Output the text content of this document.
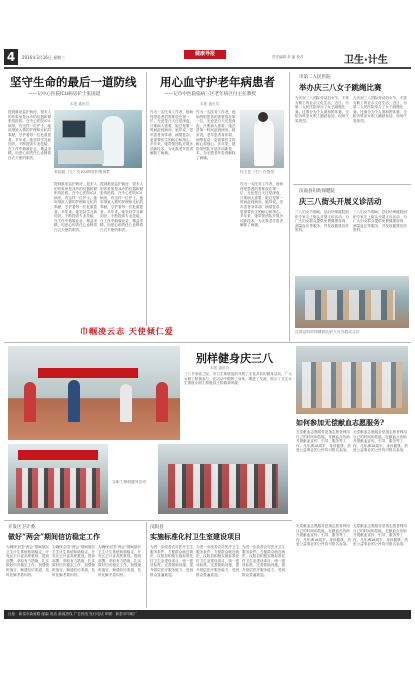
4	2016年3月16日 星期三
健康导报	责任编辑 美 编 校对	卫生·计生
坚守生命的最后一道防线
——记中心医院ICU病房护士张国超
本报 通讯员
提到重症监护病房，很多人的印象里是冰冷的仪器和紧张的抢救。在中心医院ICU病房，有这样一位护士，她用细致入微的护理和无私的奉献，守护着每一位危重患者。多年来，她坚持学习新知识，不断提高专业技能，在工作中兢兢业业，精益求精，用爱心和责任心诠释着白衣天使的职责。
提到重症监护病房，很多人的印象里是冰冷的仪器和紧张的抢救。在中心医院ICU病房，有这样一位护士，她用细致入微的护理和无私的奉献，守护着每一位危重患者。多年来，她坚持学习新知识，不断提高专业技能，在工作中兢兢业业，精益求精，用爱心和责任心诠释着白衣天使的职责。
提到重症监护病房，很多人的印象里是冰冷的仪器和紧张的抢救。在中心医院ICU病房，有这样一位护士，她用细致入微的护理和无私的奉献，守护着每一位危重患者。多年来，她坚持学习新知识，不断提高专业技能，在工作中兢兢业业，精益求精，用爱心和责任心诠释着白衣天使的职责。
张国超（左）在ICU病房护理患者
用心血守护老年病患者
——记市中医院临病三区老年病区付主任教授
本报 通讯员
作为一名医务工作者，她始终把患者的需要放在第一位，无论是白天还是深夜，只要病人需要，她总是第一时间赶到病房。她常说，老年患者身体弱、病情复杂，更需要医生的耐心和细心。多年来，她带领团队开展多项新技术，为无数老年患者解除了病痛。
作为一名医务工作者，她始终把患者的需要放在第一位，无论是白天还是深夜，只要病人需要，她总是第一时间赶到病房。她常说，老年患者身体弱、病情复杂，更需要医生的耐心和细心。多年来，她带领团队开展多项新技术，为无数老年患者解除了病痛。
作为一名医务工作者，她始终把患者的需要放在第一位，无论是白天还是深夜，只要病人需要，她总是第一时间赶到病房。她常说，老年患者身体弱、病情复杂，更需要医生的耐心和细心。多年来，她带领团队开展多项新技术，为无数老年患者解除了病痛。
付主任（右）在查房
巾帼凌云志 天使倾仁爱
市第二人民医院
举办庆三八女子跳绳比赛
为庆祝三八国际劳动妇女节，丰富女职工的业余文化生活，近日，市第二人民医院举办了女子跳绳比赛。比赛分为个人赛和团体赛，全院各科室女职工踊跃参加，现场气氛热烈。
为庆祝三八国际劳动妇女节，丰富女职工的业余文化生活，近日，市第二人民医院举办了女子跳绳比赛。比赛分为个人赛和团体赛，全院各科室女职工踊跃参加，现场气氛热烈。
汶南县妇幼保健院
庆三八街头开展义诊活动
三八妇女节期间，县妇幼保健院组织专家走上街头开展义诊活动，为广大妇女群众提供免费健康咨询、测量血压等服务，并发放健康宣传资料。
三八妇女节期间，县妇幼保健院组织专家走上街头开展义诊活动，为广大妇女群众提供免费健康咨询、测量血压等服务，并发放健康宣传资料。
汶南县妇幼保健院医护人员为群众义诊
别样健身庆三八
本报 通讯员
三八节来临之际，市卫生系统组织开展了丰富多彩的健身活动，广大女职工积极参与，在活动中锻炼了身体，增进了交流，展示了卫生计生系统女职工积极向上的精神风貌。
女职工参加健身活动
如何参加无偿献血志愿服务?
无偿献血志愿服务是指志愿者利用自己的时间和技能，在献血点协助开展献血宣传、引导、服务等工作。凡年满18周岁、身体健康、热爱公益事业的公民均可报名参加。
无偿献血志愿服务是指志愿者利用自己的时间和技能，在献血点协助开展献血宣传、引导、服务等工作。凡年满18周岁、身体健康、热爱公益事业的公民均可报名参加。
开发区卫计委
做好“两会”期间信访稳定工作
为确保全国“两会”期间辖区卫生计生系统和谐稳定，开发区卫计委高度重视，提前部署，采取有力措施，扎实做好信访稳定工作，加强值班值守，畅通信访渠道，及时化解矛盾纠纷。
为确保全国“两会”期间辖区卫生计生系统和谐稳定，开发区卫计委高度重视，提前部署，采取有力措施，扎实做好信访稳定工作，加强值班值守，畅通信访渠道，及时化解矛盾纠纷。
为确保全国“两会”期间辖区卫生计生系统和谐稳定，开发区卫计委高度重视，提前部署，采取有力措施，扎实做好信访稳定工作，加强值班值守，畅通信访渠道，及时化解矛盾纠纷。
汶阳县
实施标准化村卫生室建设项目
为进一步改善农村医疗卫生服务条件，方便群众就近就医，汶阳县积极实施标准化村卫生室建设项目，统一建设标准，完善基础设施，提升基层医疗服务能力，受到群众普遍欢迎。
为进一步改善农村医疗卫生服务条件，方便群众就近就医，汶阳县积极实施标准化村卫生室建设项目，统一建设标准，完善基础设施，提升基层医疗服务能力，受到群众普遍欢迎。
为进一步改善农村医疗卫生服务条件，方便群众就近就医，汶阳县积极实施标准化村卫生室建设项目，统一建设标准，完善基础设施，提升基层医疗服务能力，受到群众普遍欢迎。
无偿献血志愿服务是指志愿者利用自己的时间和技能，在献血点协助开展献血宣传、引导、服务等工作。凡年满18周岁、身体健康、热爱公益事业的公民均可报名参加。
无偿献血志愿服务是指志愿者利用自己的时间和技能，在献血点协助开展献血宣传、引导、服务等工作。凡年满18周岁、身体健康、热爱公益事业的公民均可报名参加。
社址：新泰市新甫路 邮编 电话 新闻热线 广告热线 发行电话 印刷：新泰市印刷厂
